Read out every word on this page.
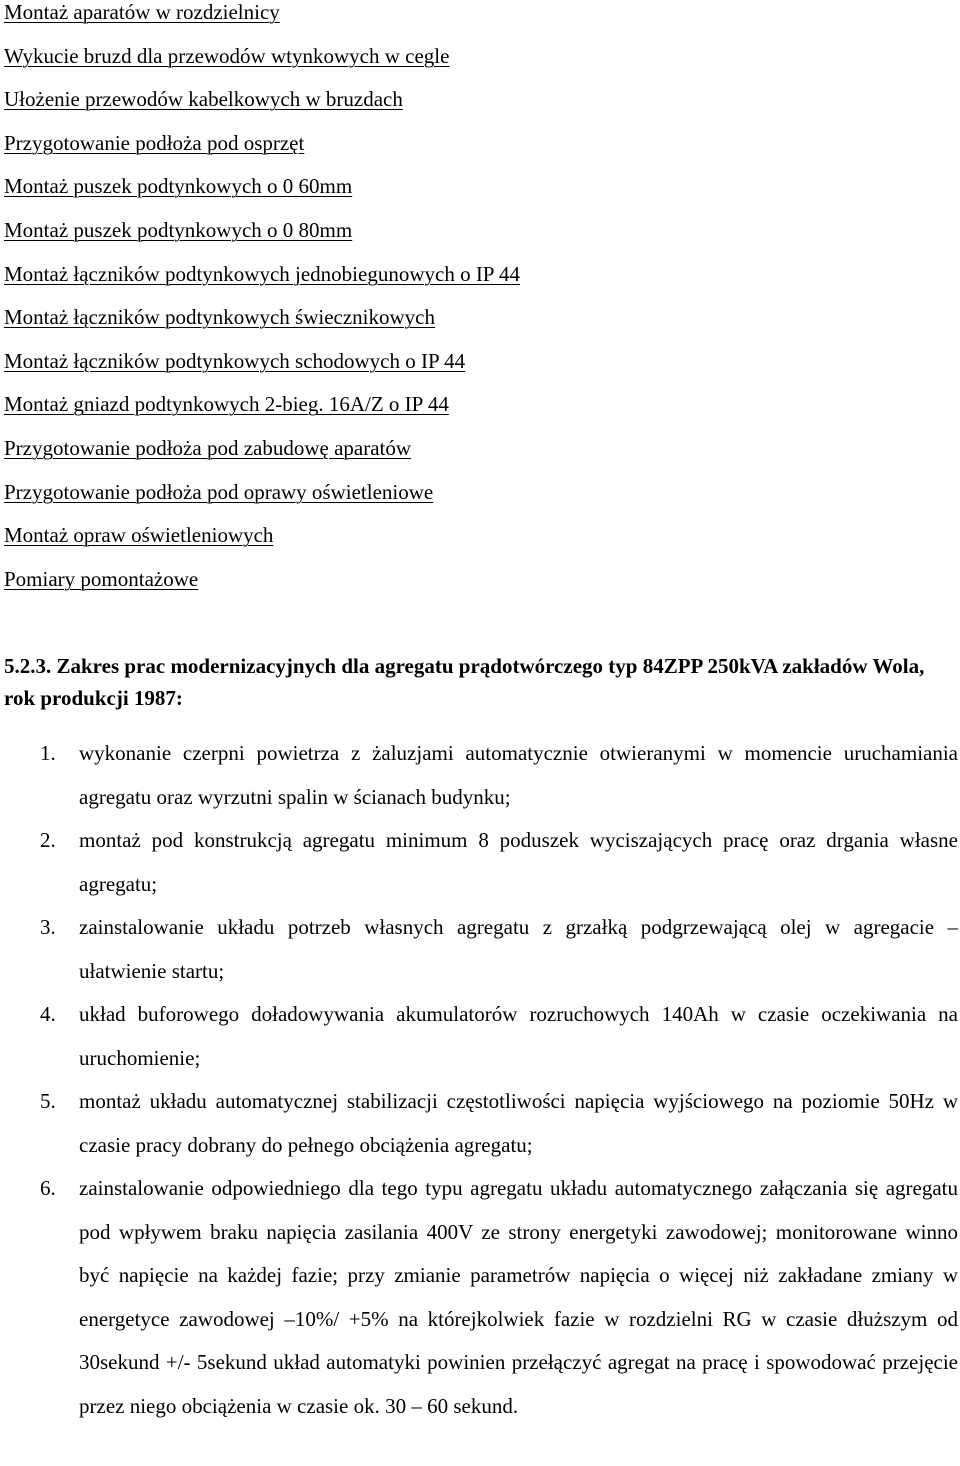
Montaż aparatów w rozdzielnicy
Wykucie bruzd dla przewodów wtynkowych w cegle
Ułożenie przewodów kabelkowych w bruzdach
Przygotowanie podłoża pod osprzęt
Montaż puszek podtynkowych o 0 60mm
Montaż puszek podtynkowych o 0 80mm
Montaż łączników podtynkowych jednobiegunowych o IP 44
Montaż łączników podtynkowych świecznikowych
Montaż łączników podtynkowych schodowych o IP 44
Montaż gniazd podtynkowych 2-bieg. 16A/Z o IP 44
Przygotowanie podłoża pod zabudowę aparatów
Przygotowanie podłoża pod oprawy oświetleniowe
Montaż opraw oświetleniowych
Pomiary pomontażowe
5.2.3. Zakres prac modernizacyjnych dla agregatu prądotwórczego typ 84ZPP 250kVA zakładów Wola, rok produkcji 1987:
1. wykonanie czerpni powietrza z żaluzjami automatycznie otwieranymi w momencie uruchamiania agregatu oraz wyrzutni spalin w ścianach budynku;
2. montaż pod konstrukcją agregatu minimum 8 poduszek wyciszających pracę oraz drgania własne agregatu;
3. zainstalowanie układu potrzeb własnych agregatu z grzałką podgrzewającą olej w agregacie – ułatwienie startu;
4. układ buforowego doładowywania akumulatorów rozruchowych 140Ah w czasie oczekiwania na uruchomienie;
5. montaż układu automatycznej stabilizacji częstotliwości napięcia wyjściowego na poziomie 50Hz w czasie pracy dobrany do pełnego obciążenia agregatu;
6. zainstalowanie odpowiedniego dla tego typu agregatu układu automatycznego załączania się agregatu pod wpływem braku napięcia zasilania 400V ze strony energetyki zawodowej; monitorowane winno być napięcie na każdej fazie; przy zmianie parametrów napięcia o więcej niż zakładane zmiany w energetyce zawodowej –10%/ +5% na którejkolwiek fazie w rozdzielni RG w czasie dłuższym od 30sekund +/- 5sekund układ automatyki powinien przełączyć agregat na pracę i spowodować przejęcie przez niego obciążenia w czasie ok. 30 – 60 sekund.
